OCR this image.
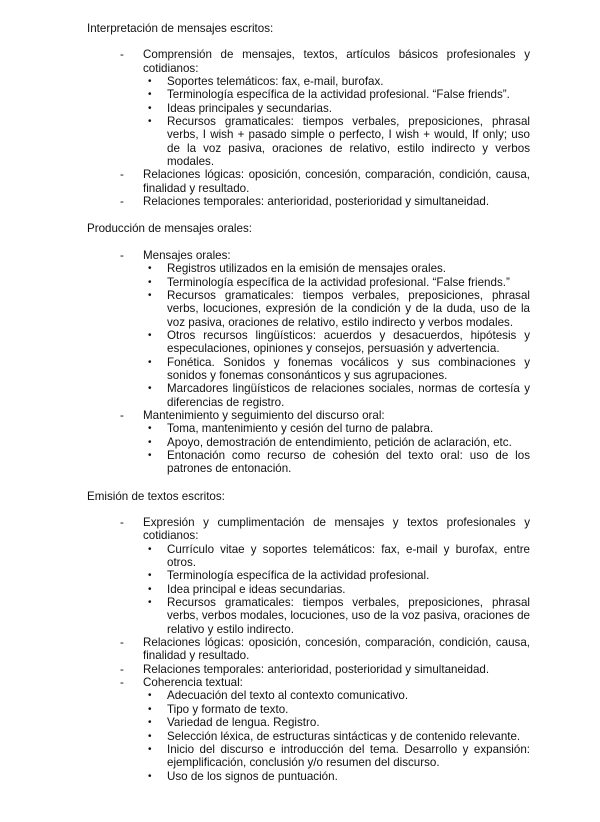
Interpretación de mensajes escritos:

- Comprensión de mensajes, textos, artículos básicos profesionales y cotidianos:
• Soportes telemáticos: fax, e-mail, burofax.
• Terminología específica de la actividad profesional. “False friends”.
• Ideas principales y secundarias.
• Recursos gramaticales: tiempos verbales, preposiciones, phrasal verbs, I wish + pasado simple o perfecto, I wish + would, If only; uso de la voz pasiva, oraciones de relativo, estilo indirecto y verbos modales.
- Relaciones lógicas: oposición, concesión, comparación, condición, causa, finalidad y resultado.
- Relaciones temporales: anterioridad, posterioridad y simultaneidad.

Producción de mensajes orales:

- Mensajes orales:
• Registros utilizados en la emisión de mensajes orales.
• Terminología específica de la actividad profesional. “False friends.”
• Recursos gramaticales: tiempos verbales, preposiciones, phrasal verbs, locuciones, expresión de la condición y de la duda, uso de la voz pasiva, oraciones de relativo, estilo indirecto y verbos modales.
• Otros recursos lingüísticos: acuerdos y desacuerdos, hipótesis y especulaciones, opiniones y consejos, persuasión y advertencia.
• Fonética. Sonidos y fonemas vocálicos y sus combinaciones y sonidos y fonemas consonánticos y sus agrupaciones.
• Marcadores lingüísticos de relaciones sociales, normas de cortesía y diferencias de registro.
- Mantenimiento y seguimiento del discurso oral:
• Toma, mantenimiento y cesión del turno de palabra.
• Apoyo, demostración de entendimiento, petición de aclaración, etc.
• Entonación como recurso de cohesión del texto oral: uso de los patrones de entonación.

Emisión de textos escritos:

- Expresión y cumplimentación de mensajes y textos profesionales y cotidianos:
• Currículo vitae y soportes telemáticos: fax, e-mail y burofax, entre otros.
• Terminología específica de la actividad profesional.
• Idea principal e ideas secundarias.
• Recursos gramaticales: tiempos verbales, preposiciones, phrasal verbs, verbos modales, locuciones, uso de la voz pasiva, oraciones de relativo y estilo indirecto.
- Relaciones lógicas: oposición, concesión, comparación, condición, causa, finalidad y resultado.
- Relaciones temporales: anterioridad, posterioridad y simultaneidad.
- Coherencia textual:
• Adecuación del texto al contexto comunicativo.
• Tipo y formato de texto.
• Variedad de lengua. Registro.
• Selección léxica, de estructuras sintácticas y de contenido relevante.
• Inicio del discurso e introducción del tema. Desarrollo y expansión: ejemplificación, conclusión y/o resumen del discurso.
• Uso de los signos de puntuación.
